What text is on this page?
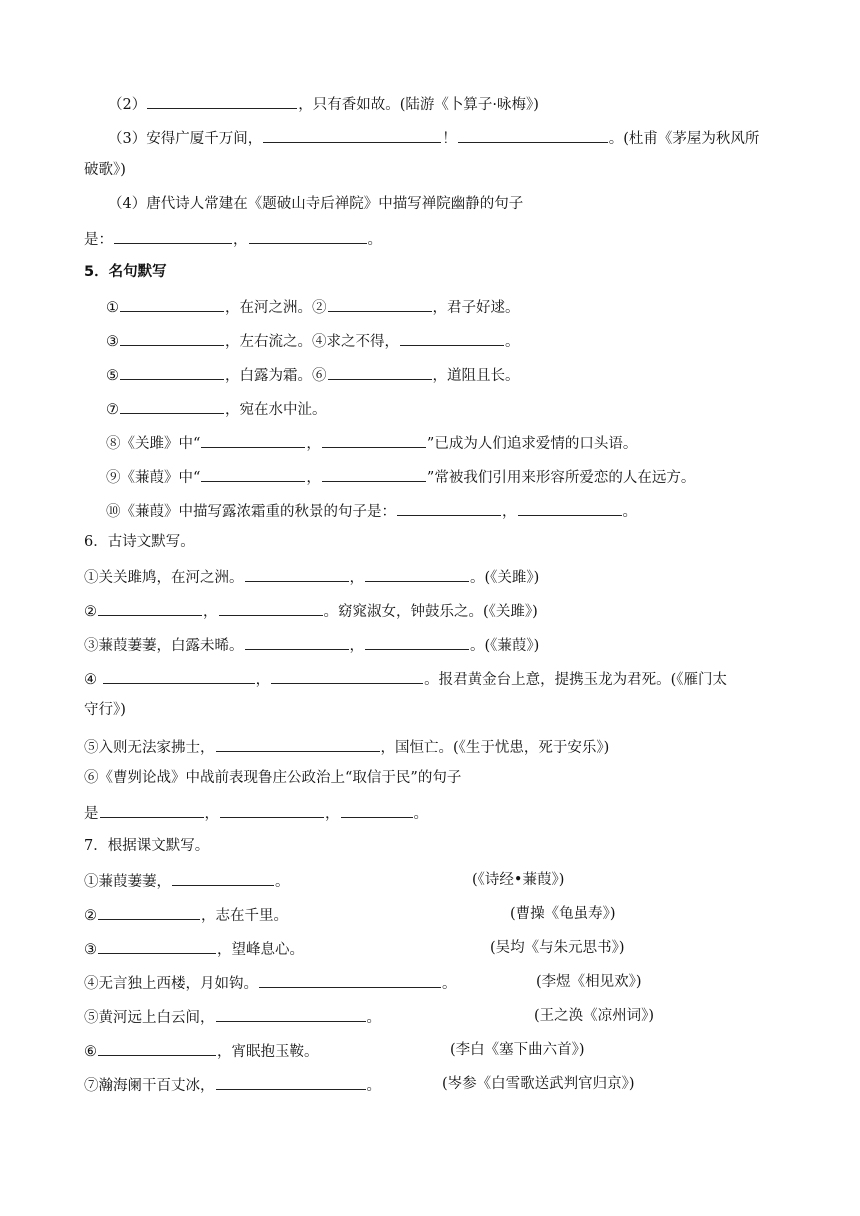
（2）	，只有香如故。(陆游《卜算子·咏梅》)
（3）安得广厦千万间，	！	。(杜甫《茅屋为秋风所
破歌》)
（4）唐代诗人常建在《题破山寺后禅院》中描写禅院幽静的句子
是：	，	。
5．名句默写
①	，在河之洲。②	，君子好逑。
③	，左右流之。④求之不得，	。
⑤	，白露为霜。⑥	，道阻且长。
⑦	，宛在水中沚。
⑧《关雎》中“	，	”已成为人们追求爱情的口头语。
⑨《蒹葭》中“	，	”常被我们引用来形容所爱恋的人在远方。
⑩《蒹葭》中描写露浓霜重的秋景的句子是：	，	。
6．古诗文默写。
①关关雎鸠，在河之洲。	，	。(《关雎》)
②	，	。窈窕淑女，钟鼓乐之。(《关雎》)
③蒹葭萋萋，白露未晞。	，	。(《蒹葭》)
④	，	。报君黄金台上意，提携玉龙为君死。(《雁门太
守行》)
⑤入则无法家拂士，	，国恒亡。(《生于忧患，死于安乐》)
⑥《曹刿论战》中战前表现鲁庄公政治上“取信于民”的句子
是	，	，	。
7．根据课文默写。
①蒹葭萋萋，	。	(《诗经•蒹葭》)
②	，志在千里。	(曹操《龟虽寿》)
③	，望峰息心。	(吴均《与朱元思书》)
④无言独上西楼，月如钩。	。	(李煜《相见欢》)
⑤黄河远上白云间，	。	(王之涣《凉州词》)
⑥	，宵眠抱玉鞍。	(李白《塞下曲六首》)
⑦瀚海阑干百丈冰，	。	(岑参《白雪歌送武判官归京》)
